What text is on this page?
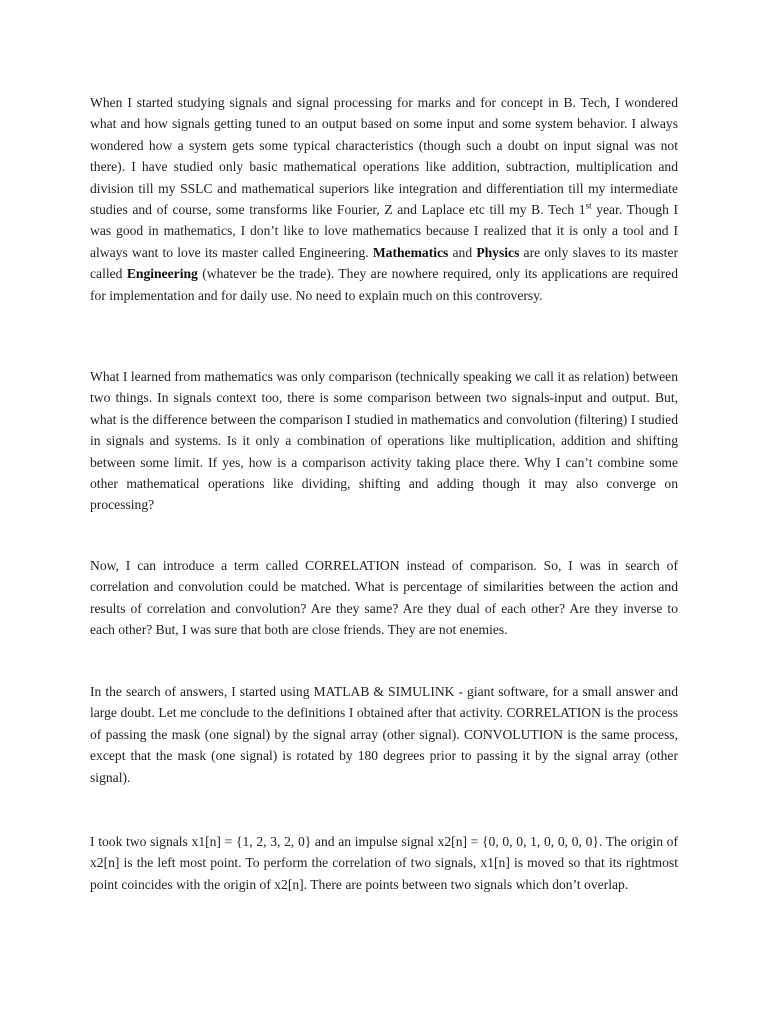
When I started studying signals and signal processing for marks and for concept in B. Tech, I wondered what and how signals getting tuned to an output based on some input and some system behavior. I always wondered how a system gets some typical characteristics (though such a doubt on input signal was not there). I have studied only basic mathematical operations like addition, subtraction, multiplication and division till my SSLC and mathematical superiors like integration and differentiation till my intermediate studies and of course, some transforms like Fourier, Z and Laplace etc till my B. Tech 1st year. Though I was good in mathematics, I don’t like to love mathematics because I realized that it is only a tool and I always want to love its master called Engineering. Mathematics and Physics are only slaves to its master called Engineering (whatever be the trade). They are nowhere required, only its applications are required for implementation and for daily use. No need to explain much on this controversy.

What I learned from mathematics was only comparison (technically speaking we call it as relation) between two things. In signals context too, there is some comparison between two signals-input and output. But, what is the difference between the comparison I studied in mathematics and convolution (filtering) I studied in signals and systems. Is it only a combination of operations like multiplication, addition and shifting between some limit. If yes, how is a comparison activity taking place there. Why I can’t combine some other mathematical operations like dividing, shifting and adding though it may also converge on processing?

Now, I can introduce a term called CORRELATION instead of comparison. So, I was in search of correlation and convolution could be matched. What is percentage of similarities between the action and results of correlation and convolution? Are they same? Are they dual of each other? Are they inverse to each other? But, I was sure that both are close friends. They are not enemies.

In the search of answers, I started using MATLAB & SIMULINK - giant software, for a small answer and large doubt. Let me conclude to the definitions I obtained after that activity. CORRELATION is the process of passing the mask (one signal) by the signal array (other signal). CONVOLUTION is the same process, except that the mask (one signal) is rotated by 180 degrees prior to passing it by the signal array (other signal).

I took two signals x1[n] = {1, 2, 3, 2, 0} and an impulse signal x2[n] = {0, 0, 0, 1, 0, 0, 0, 0}. The origin of x2[n] is the left most point. To perform the correlation of two signals, x1[n] is moved so that its rightmost point coincides with the origin of x2[n]. There are points between two signals which don’t overlap.
